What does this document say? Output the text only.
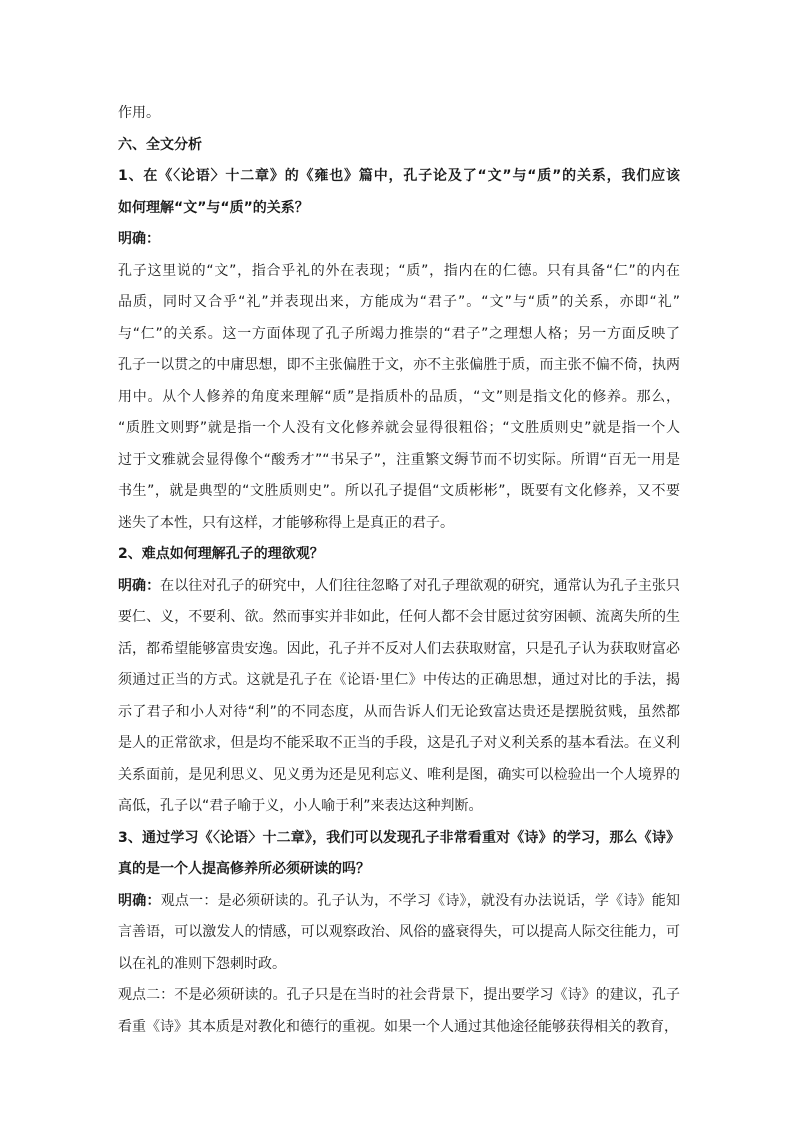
作用。
六、全文分析
1、在《〈论语〉十二章》的《雍也》篇中，孔子论及了“文”与“质”的关系，我们应该
如何理解“文”与“质”的关系？
明确：
孔子这里说的“文”，指合乎礼的外在表现；“质”，指内在的仁德。只有具备“仁”的内在
品质，同时又合乎“礼”并表现出来，方能成为“君子”。“文”与“质”的关系，亦即“礼”
与“仁”的关系。这一方面体现了孔子所竭力推崇的“君子”之理想人格；另一方面反映了
孔子一以贯之的中庸思想，即不主张偏胜于文，亦不主张偏胜于质，而主张不偏不倚，执两
用中。从个人修养的角度来理解“质”是指质朴的品质，“文”则是指文化的修养。那么，
“质胜文则野”就是指一个人没有文化修养就会显得很粗俗；“文胜质则史”就是指一个人
过于文雅就会显得像个“酸秀才”“书呆子”，注重繁文缛节而不切实际。所谓“百无一用是
书生”，就是典型的“文胜质则史”。所以孔子提倡“文质彬彬”，既要有文化修养，又不要
迷失了本性，只有这样，才能够称得上是真正的君子。
2、难点如何理解孔子的理欲观？
明确：在以往对孔子的研究中，人们往往忽略了对孔子理欲观的研究，通常认为孔子主张只
要仁、义，不要利、欲。然而事实并非如此，任何人都不会甘愿过贫穷困顿、流离失所的生
活，都希望能够富贵安逸。因此，孔子并不反对人们去获取财富，只是孔子认为获取财富必
须通过正当的方式。这就是孔子在《论语·里仁》中传达的正确思想，通过对比的手法，揭
示了君子和小人对待“利”的不同态度，从而告诉人们无论致富达贵还是摆脱贫贱，虽然都
是人的正常欲求，但是均不能采取不正当的手段，这是孔子对义利关系的基本看法。在义利
关系面前，是见利思义、见义勇为还是见利忘义、唯利是图，确实可以检验出一个人境界的
高低，孔子以“君子喻于义，小人喻于利”来表达这种判断。
3、通过学习《〈论语〉十二章》，我们可以发现孔子非常看重对《诗》的学习，那么《诗》
真的是一个人提高修养所必须研读的吗？
明确：观点一：是必须研读的。孔子认为，不学习《诗》，就没有办法说话，学《诗》能知
言善语，可以激发人的情感，可以观察政治、风俗的盛衰得失，可以提高人际交往能力，可
以在礼的准则下怨刺时政。
观点二：不是必须研读的。孔子只是在当时的社会背景下，提出要学习《诗》的建议，孔子
看重《诗》其本质是对教化和德行的重视。如果一个人通过其他途径能够获得相关的教育，
